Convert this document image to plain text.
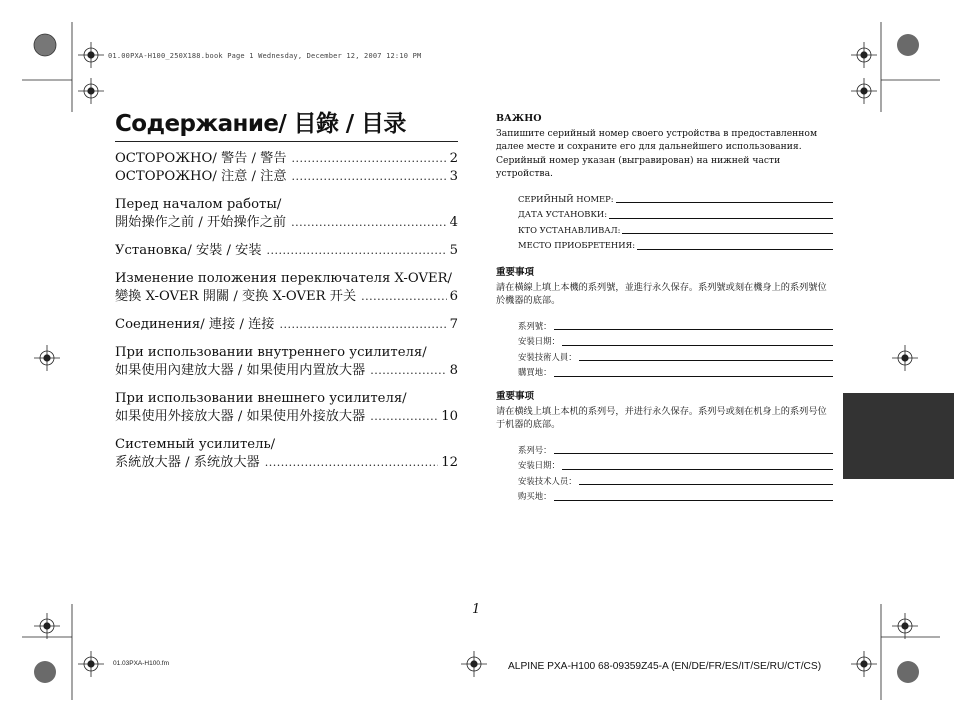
01.00PXA-H100_250X188.book Page 1 Wednesday, December 12, 2007 12:10 PM
Содержание/ 目錄 / 目录
ОСТОРОЖНО/ 警告 / 警告 .....	2
ОСТОРОЖНО/ 注意 / 注意 .....	3
Перед началом работы/
開始操作之前 / 开始操作之前 .....	4
Установка/ 安裝 / 安装 .....	5
Изменение положения переключателя X-OVER/
變換 X-OVER 開關 / 变换 X-OVER 开关 .....	6
Соединения/ 連接 / 连接 .....	7
При использовании внутреннего усилителя/
如果使用內建放大器 / 如果使用内置放大器 .....	8
При использовании внешнего усилителя/
如果使用外接放大器 / 如果使用外接放大器 .....	10
Системный усилитель/
系統放大器 / 系统放大器 .....	12
ВАЖНО
Запишите серийный номер своего устройства в предоставленном далее месте и сохраните его для дальнейшего использования. Серийный номер указан (выгравирован) на нижней части устройства.
СЕРИЙНЫЙ НОМЕР:
ДАТА УСТАНОВКИ:
КТО УСТАНАВЛИВАЛ:
МЕСТО ПРИОБРЕТЕНИЯ:
重要事項
請在橫線上填上本機的系列號，並進行永久保存。系列號或刻在機身上的系列號位於機器的底部。
系列號：
安裝日期：
安裝技術人員：
購買地：
重要事项
请在横线上填上本机的系列号，并进行永久保存。系列号或刻在机身上的系列号位于机器的底部。
系列号：
安装日期：
安装技术人员：
购买地：
1
01.03PXA-H100.fm	ALPINE PXA-H100 68-09359Z45-A (EN/DE/FR/ES/IT/SE/RU/CT/CS)
